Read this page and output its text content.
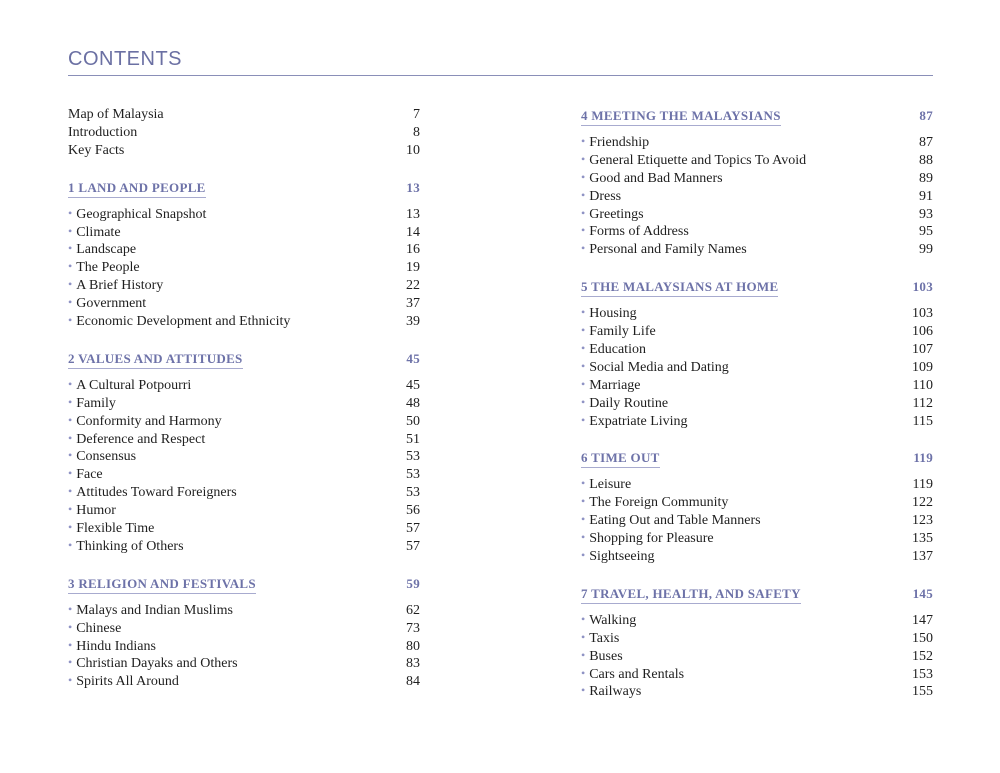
CONTENTS
Map of Malaysia	7
Introduction	8
Key Facts	10
1 LAND AND PEOPLE	13
• Geographical Snapshot	13
• Climate	14
• Landscape	16
• The People	19
• A Brief History	22
• Government	37
• Economic Development and Ethnicity	39
2 VALUES AND ATTITUDES	45
• A Cultural Potpourri	45
• Family	48
• Conformity and Harmony	50
• Deference and Respect	51
• Consensus	53
• Face	53
• Attitudes Toward Foreigners	53
• Humor	56
• Flexible Time	57
• Thinking of Others	57
3 RELIGION AND FESTIVALS	59
• Malays and Indian Muslims	62
• Chinese	73
• Hindu Indians	80
• Christian Dayaks and Others	83
• Spirits All Around	84
4 MEETING THE MALAYSIANS	87
• Friendship	87
• General Etiquette and Topics To Avoid	88
• Good and Bad Manners	89
• Dress	91
• Greetings	93
• Forms of Address	95
• Personal and Family Names	99
5 THE MALAYSIANS AT HOME	103
• Housing	103
• Family Life	106
• Education	107
• Social Media and Dating	109
• Marriage	110
• Daily Routine	112
• Expatriate Living	115
6 TIME OUT	119
• Leisure	119
• The Foreign Community	122
• Eating Out and Table Manners	123
• Shopping for Pleasure	135
• Sightseeing	137
7 TRAVEL, HEALTH, AND SAFETY	145
• Walking	147
• Taxis	150
• Buses	152
• Cars and Rentals	153
• Railways	155
